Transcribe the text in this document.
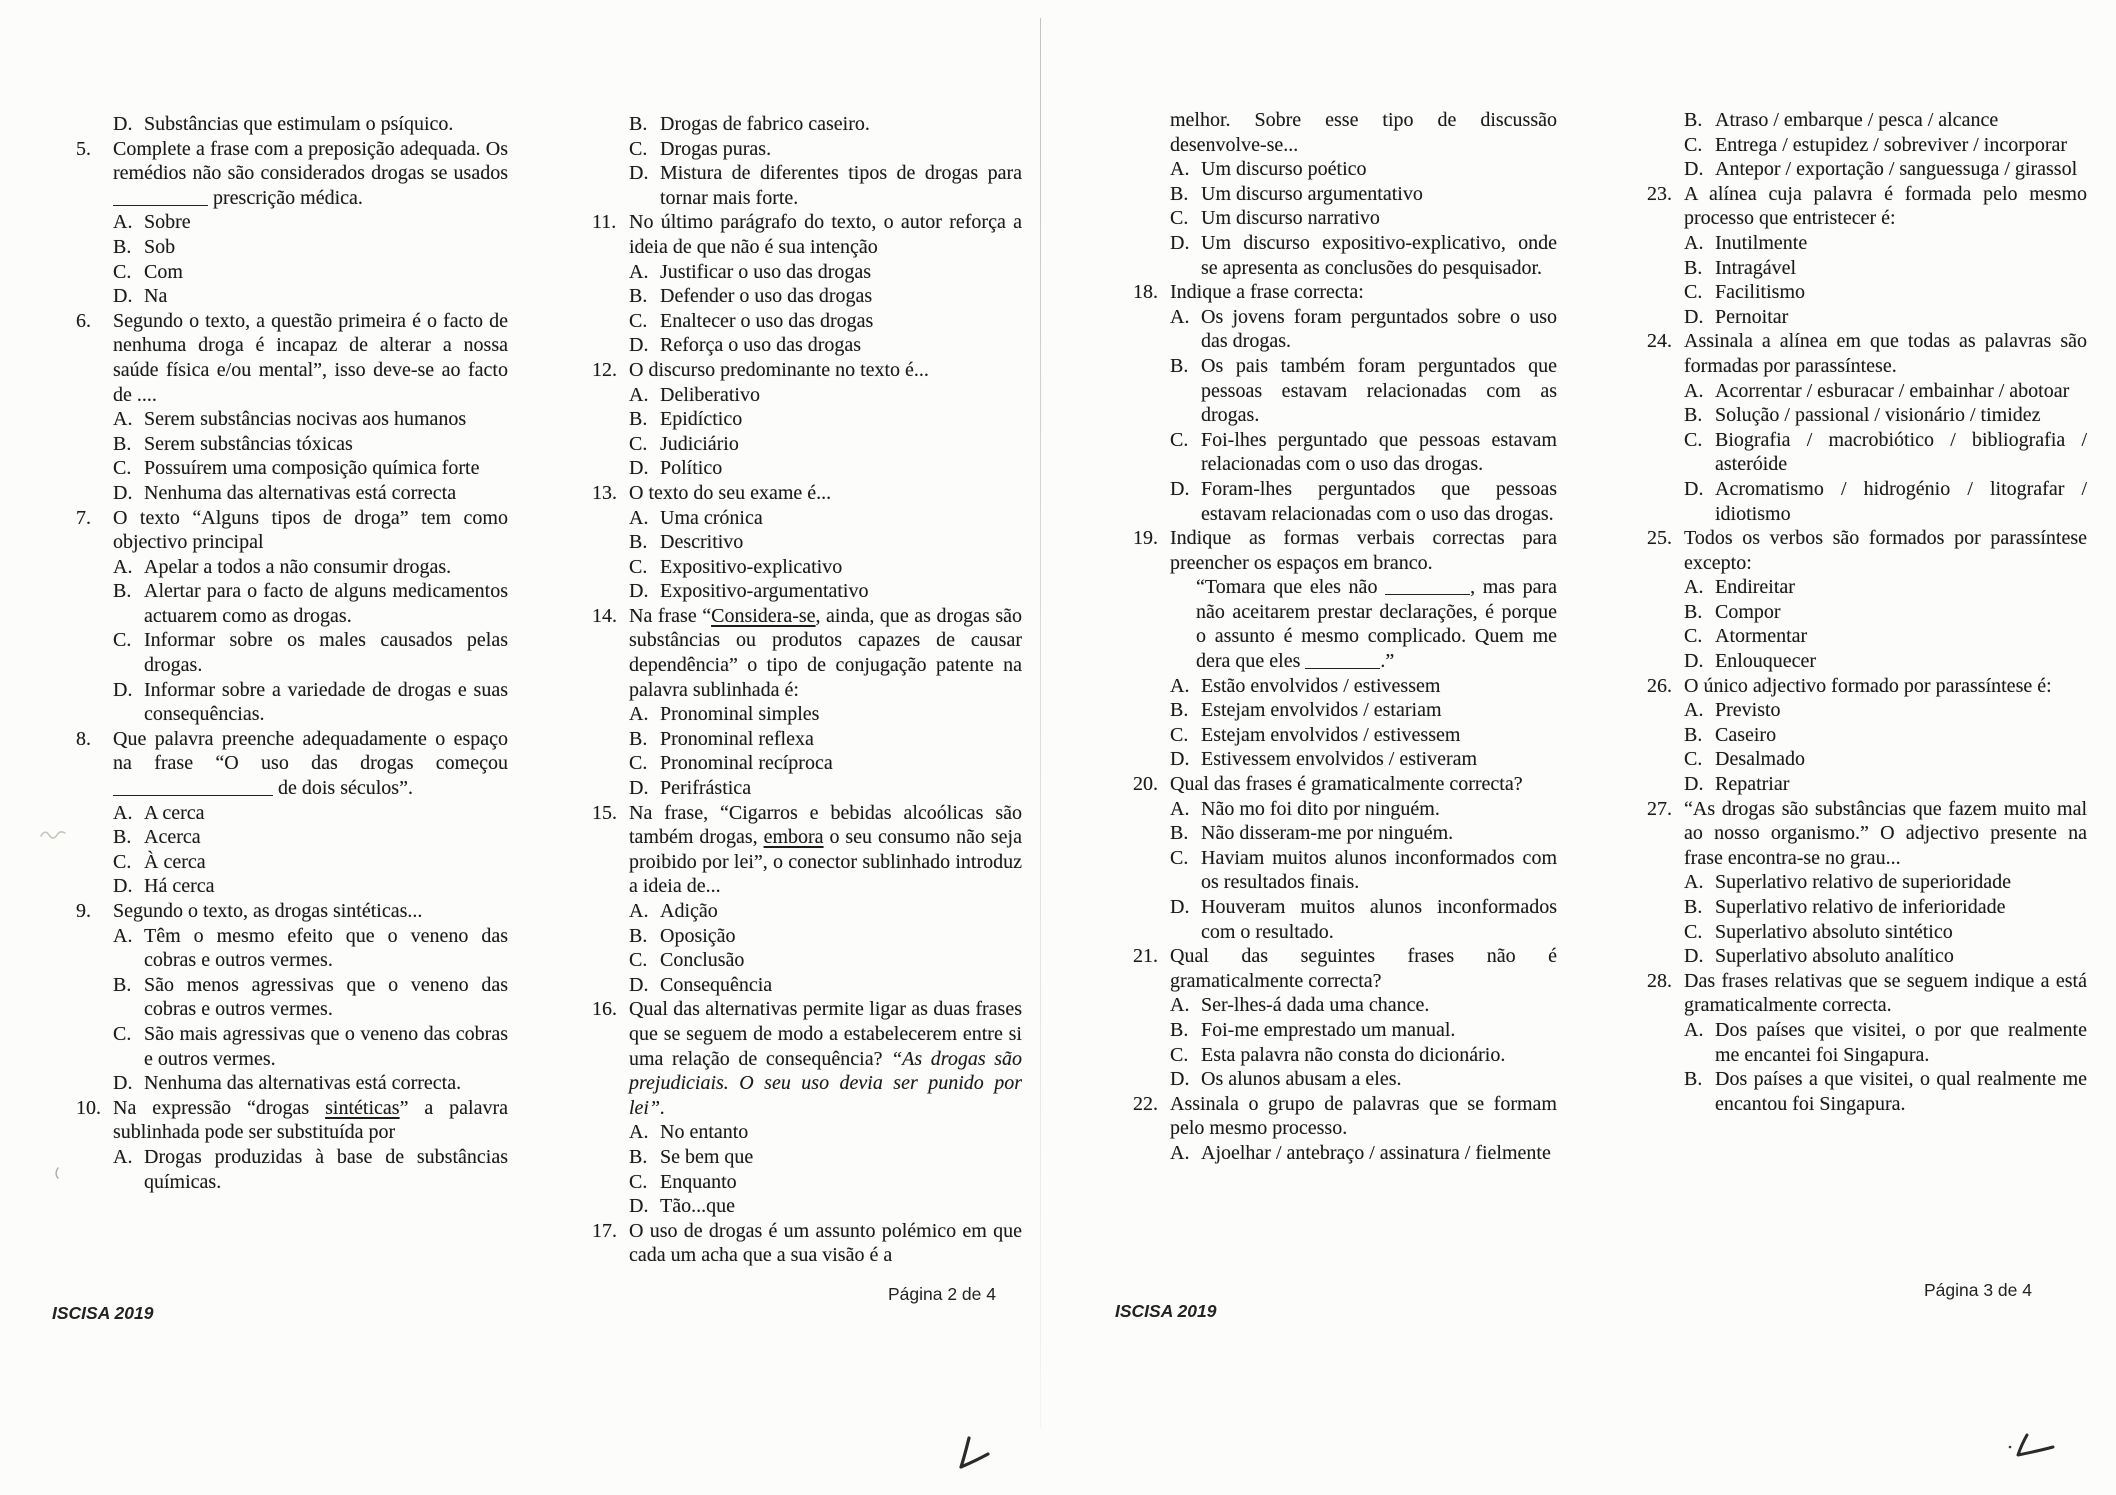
D. Substâncias que estimulam o psíquico.
5. Complete a frase com a preposição adequada. Os remédios não são considerados drogas se usados  prescrição médica.
A. Sobre
B. Sob
C. Com
D. Na
6. Segundo o texto, a questão primeira é o facto de nenhuma droga é incapaz de alterar a nossa saúde física e/ou mental”, isso deve-se ao facto de ....
A. Serem substâncias nocivas aos humanos
B. Serem substâncias tóxicas
C. Possuírem uma composição química forte
D. Nenhuma das alternativas está correcta
7. O texto “Alguns tipos de droga” tem como objectivo principal
A. Apelar a todos a não consumir drogas.
B. Alertar para o facto de alguns medicamentos actuarem como as drogas.
C. Informar sobre os males causados pelas drogas.
D. Informar sobre a variedade de drogas e suas consequências.
8. Que palavra preenche adequadamente o espaço na frase “O uso das drogas começou  de dois séculos”.
A. A cerca
B. Acerca
C. À cerca
D. Há cerca
9. Segundo o texto, as drogas sintéticas...
A. Têm o mesmo efeito que o veneno das cobras e outros vermes.
B. São menos agressivas que o veneno das cobras e outros vermes.
C. São mais agressivas que o veneno das cobras e outros vermes.
D. Nenhuma das alternativas está correcta.
10. Na expressão “drogas sintéticas” a palavra sublinhada pode ser substituída por
A. Drogas produzidas à base de substâncias químicas.
B. Drogas de fabrico caseiro.
C. Drogas puras.
D. Mistura de diferentes tipos de drogas para tornar mais forte.
11. No último parágrafo do texto, o autor reforça a ideia de que não é sua intenção
A. Justificar o uso das drogas
B. Defender o uso das drogas
C. Enaltecer o uso das drogas
D. Reforça o uso das drogas
12. O discurso predominante no texto é...
A. Deliberativo
B. Epidíctico
C. Judiciário
D. Político
13. O texto do seu exame é...
A. Uma crónica
B. Descritivo
C. Expositivo-explicativo
D. Expositivo-argumentativo
14. Na frase “Considera-se, ainda, que as drogas são substâncias ou produtos capazes de causar dependência” o tipo de conjugação patente na palavra sublinhada é:
A. Pronominal simples
B. Pronominal reflexa
C. Pronominal recíproca
D. Perifrástica
15. Na frase, “Cigarros e bebidas alcoólicas são também drogas, embora o seu consumo não seja proibido por lei”, o conector sublinhado introduz a ideia de...
A. Adição
B. Oposição
C. Conclusão
D. Consequência
16. Qual das alternativas permite ligar as duas frases que se seguem de modo a estabelecerem entre si uma relação de consequência? “As drogas são prejudiciais. O seu uso devia ser punido por lei”.
A. No entanto
B. Se bem que
C. Enquanto
D. Tão...que
17. O uso de drogas é um assunto polémico em que cada um acha que a sua visão é a
melhor. Sobre esse tipo de discussão desenvolve-se...
A. Um discurso poético
B. Um discurso argumentativo
C. Um discurso narrativo
D. Um discurso expositivo-explicativo, onde se apresenta as conclusões do pesquisador.
18. Indique a frase correcta:
A. Os jovens foram perguntados sobre o uso das drogas.
B. Os pais também foram perguntados que pessoas estavam relacionadas com as drogas.
C. Foi-lhes perguntado que pessoas estavam relacionadas com o uso das drogas.
D. Foram-lhes perguntados que pessoas estavam relacionadas com o uso das drogas.
19. Indique as formas verbais correctas para preencher os espaços em branco.
“Tomara que eles não	, mas para não aceitarem prestar declarações, é porque o assunto é mesmo complicado. Quem me dera que eles	.”
A. Estão envolvidos / estivessem
B. Estejam envolvidos / estariam
C. Estejam envolvidos / estivessem
D. Estivessem envolvidos / estiveram
20. Qual das frases é gramaticalmente correcta?
A. Não mo foi dito por ninguém.
B. Não disseram-me por ninguém.
C. Haviam muitos alunos inconformados com os resultados finais.
D. Houveram muitos alunos inconformados com o resultado.
21. Qual das seguintes frases não é gramaticalmente correcta?
A. Ser-lhes-á dada uma chance.
B. Foi-me emprestado um manual.
C. Esta palavra não consta do dicionário.
D. Os alunos abusam a eles.
22. Assinala o grupo de palavras que se formam pelo mesmo processo.
A. Ajoelhar / antebraço / assinatura / fielmente
B. Atraso / embarque / pesca / alcance
C. Entrega / estupidez / sobreviver / incorporar
D. Antepor / exportação / sanguessuga / girassol
23. A alínea cuja palavra é formada pelo mesmo processo que entristecer é:
A. Inutilmente
B. Intragável
C. Facilitismo
D. Pernoitar
24. Assinala a alínea em que todas as palavras são formadas por parassíntese.
A. Acorrentar / esburacar / embainhar / abotoar
B. Solução / passional / visionário / timidez
C. Biografia / macrobiótico / bibliografia / asteróide
D. Acromatismo / hidrogénio / litografar / idiotismo
25. Todos os verbos são formados por parassíntese excepto:
A. Endireitar
B. Compor
C. Atormentar
D. Enlouquecer
26. O único adjectivo formado por parassíntese é:
A. Previsto
B. Caseiro
C. Desalmado
D. Repatriar
27. “As drogas são substâncias que fazem muito mal ao nosso organismo.” O adjectivo presente na frase encontra-se no grau...
A. Superlativo relativo de superioridade
B. Superlativo relativo de inferioridade
C. Superlativo absoluto sintético
D. Superlativo absoluto analítico
28. Das frases relativas que se seguem indique a está gramaticalmente correcta.
A. Dos países que visitei, o por que realmente me encantei foi Singapura.
B. Dos países a que visitei, o qual realmente me encantou foi Singapura.
Página 2 de 4
ISCISA 2019
Página 3 de 4
ISCISA 2019
